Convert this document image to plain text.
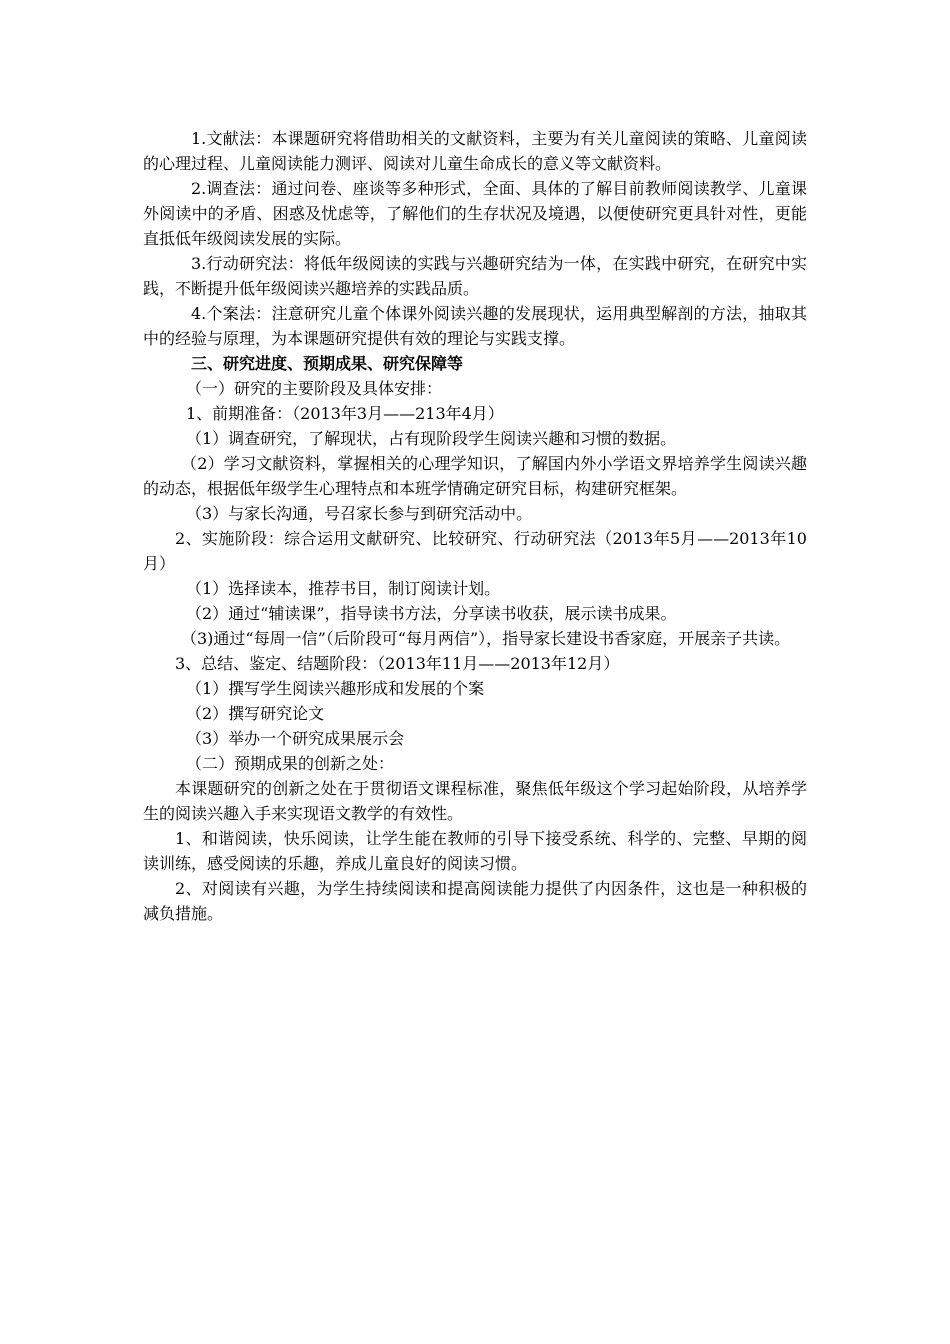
1.文献法：本课题研究将借助相关的文献资料，主要为有关儿童阅读的策略、儿童阅读的心理过程、儿童阅读能力测评、阅读对儿童生命成长的意义等文献资料。

2.调查法：通过问卷、座谈等多种形式，全面、具体的了解目前教师阅读教学、儿童课外阅读中的矛盾、困惑及忧虑等，了解他们的生存状况及境遇，以便使研究更具针对性，更能直抵低年级阅读发展的实际。

3.行动研究法：将低年级阅读的实践与兴趣研究结为一体，在实践中研究，在研究中实践，不断提升低年级阅读兴趣培养的实践品质。

4.个案法：注意研究儿童个体课外阅读兴趣的发展现状，运用典型解剖的方法，抽取其中的经验与原理，为本课题研究提供有效的理论与实践支撑。

三、研究进度、预期成果、研究保障等

（一）研究的主要阶段及具体安排：

1、前期准备：（2013年3月——213年4月）

（1）调查研究，了解现状，占有现阶段学生阅读兴趣和习惯的数据。

（2）学习文献资料，掌握相关的心理学知识，了解国内外小学语文界培养学生阅读兴趣的动态，根据低年级学生心理特点和本班学情确定研究目标，构建研究框架。

（3）与家长沟通，号召家长参与到研究活动中。

2、实施阶段：综合运用文献研究、比较研究、行动研究法（2013年5月——2013年10月）

（1）选择读本，推荐书目，制订阅读计划。

（2）通过“辅读课”，指导读书方法，分享读书收获，展示读书成果。

（3)通过“每周一信”（后阶段可“每月两信”），指导家长建设书香家庭，开展亲子共读。

3、总结、鉴定、结题阶段：（2013年11月——2013年12月）

（1）撰写学生阅读兴趣形成和发展的个案

（2）撰写研究论文

（3）举办一个研究成果展示会

（二）预期成果的创新之处：

本课题研究的创新之处在于贯彻语文课程标准，聚焦低年级这个学习起始阶段，从培养学生的阅读兴趣入手来实现语文教学的有效性。

1、和谐阅读，快乐阅读，让学生能在教师的引导下接受系统、科学的、完整、早期的阅读训练，感受阅读的乐趣，养成儿童良好的阅读习惯。

2、对阅读有兴趣，为学生持续阅读和提高阅读能力提供了内因条件，这也是一种积极的减负措施。
